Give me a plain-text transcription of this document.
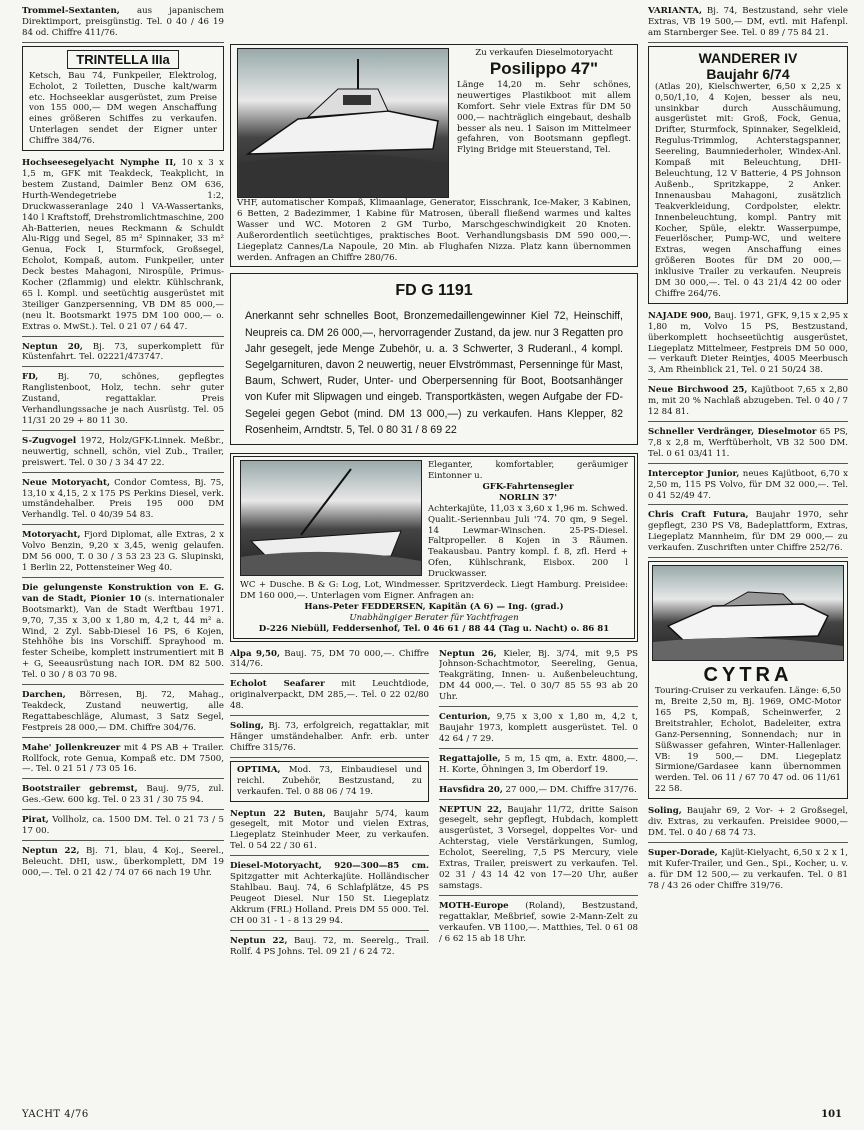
Trommel-Sextanten, aus japanischem Direktimport, preisgünstig. Tel. 0 40 / 46 19 84 od. Chiffre 411/76.
TRINTELLA IIIa
Ketsch, Bau 74, Funkpeiler, Elektrolog, Echolot, 2 Toiletten, Dusche kalt/warm etc. Hochseeklar ausgerüstet, zum Preise von 155 000,— DM wegen Anschaffung eines größeren Schiffes zu verkaufen. Unterlagen sendet der Eigner unter Chiffre 384/76.
Hochseesegelyacht Nymphe II, 10 x 3 x 1,5 m, GFK mit Teakdeck, Teakplicht, in bestem Zustand, Daimler Benz OM 636, Hurth-Wendegetriebe 1:2, Druckwasseranlage 240 l VA-Wassertanks, 140 l Kraftstoff, Drehstromlichtmaschine, 200 Ah-Batterien, neues Reckmann & Schuldt Alu-Rigg und Segel, 85 m² Spinnaker, 33 m² Genua, Fock I, Sturmfock, Großsegel, Echolot, Kompaß, autom. Funkpeiler, unter Deck bestes Mahagoni, Nirospüle, Primus-Kocher (2flammig) und elektr. Kühlschrank, 65 l. Kompl. und seetüchtig ausgerüstet mit 3teiliger Ganzpersenning, VB DM 85 000,— (neu lt. Bootsmarkt 1975 DM 100 000,— o. Extras o. MwSt.). Tel. 0 21 07 / 64 47.
Neptun 20, Bj. 73, superkomplett für Küstenfahrt. Tel. 02221/473747.
FD, Bj. 70, schönes, gepflegtes Ranglistenboot, Holz, techn. sehr guter Zustand, regattaklar. Preis Verhandlungssache je nach Ausrüstg. Tel. 05 11/31 20 29 + 80 11 30.
S-Zugvogel 1972, Holz/GFK-Linnek. Meßbr., neuwertig, schnell, schön, viel Zub., Trailer, preiswert. Tel. 0 30 / 3 34 47 22.
Neue Motoryacht, Condor Comtess, Bj. 75, 13,10 x 4,15, 2 x 175 PS Perkins Diesel, verk. umständehalber. Preis 195 000 DM Verhandlg. Tel. 0 40/39 54 83.
Motoryacht, Fjord Diplomat, alle Extras, 2 x Volvo Benzin, 9,20 x 3,45, wenig gelaufen. DM 56 000, T. 0 30 / 3 53 23 23 G. Slupinski, 1 Berlin 22, Pottensteiner Weg 40.
Die gelungenste Konstruktion von E. G. van de Stadt, Pionier 10 (s. internationaler Bootsmarkt), Van de Stadt Werftbau 1971. 9,70, 7,35 x 3,00 x 1,80 m, 4,2 t, 44 m² a. Wind, 2 Zyl. Sabb-Diesel 16 PS, 6 Kojen, Stehhöhe bis ins Vorschiff. Sprayhood m. fester Scheibe, komplett instrumentiert mit B + G, Seeausrüstung nach IOR. DM 82 500. Tel. 0 30 / 8 03 70 98.
Darchen, Börresen, Bj. 72, Mahag., Teakdeck, Zustand neuwertig, alle Regattabeschläge, Alumast, 3 Satz Segel, Festpreis 28 000,— DM. Chiffre 304/76.
Mahe' Jollenkreuzer mit 4 PS AB + Trailer. Rollfock, rote Genua, Kompaß etc. DM 7500,—. Tel. 0 21 51 / 73 05 16.
Bootstrailer gebremst, Bauj. 9/75, zul. Ges.-Gew. 600 kg. Tel. 0 23 31 / 30 75 94.
Pirat, Vollholz, ca. 1500 DM. Tel. 0 21 73 / 5 17 00.
Neptun 22, Bj. 71, blau, 4 Koj., Seerel., Beleucht. DHI, usw., überkomplett, DM 19 000,—. Tel. 0 21 42 / 74 07 66 nach 19 Uhr.
Zu verkaufen Dieselmotoryacht
Posilippo 47"
Länge 14,20 m. Sehr schönes, neuwertiges Plastikboot mit allem Komfort. Sehr viele Extras für DM 50 000,— nachträglich eingebaut, deshalb besser als neu. 1 Saison im Mittelmeer gefahren, von Bootsmann gepflegt. Flying Bridge mit Steuerstand, Tel.
VHF, automatischer Kompaß, Klimaanlage, Generator, Eisschrank, Ice-Maker, 3 Kabinen, 6 Betten, 2 Badezimmer, 1 Kabine für Matrosen, überall fließend warmes und kaltes Wasser und WC. Motoren 2 GM Turbo, Marschgeschwindigkeit 20 Knoten. Außerordentlich seetüchtiges, praktisches Boot. Verhandlungsbasis DM 590 000,—. Liegeplatz Cannes/La Napoule, 20 Min. ab Flughafen Nizza. Platz kann übernommen werden. Anfragen an Chiffre 280/76.
FD G 1191
Anerkannt sehr schnelles Boot, Bronzemedaillengewinner Kiel 72, Heinschiff, Neupreis ca. DM 26 000,—, hervorragender Zustand, da jew. nur 3 Regatten pro Jahr gesegelt, jede Menge Zubehör, u. a. 3 Schwerter, 3 Ruderanl., 4 kompl. Segelgarnituren, davon 2 neuwertig, neuer Elvströmmast, Persenninge für Mast, Baum, Schwert, Ruder, Unter- und Oberpersenning für Boot, Bootsanhänger von Kufer mit Slipwagen und eingeb. Transportkästen, wegen Aufgabe der FD-Segelei gegen Gebot (mind. DM 13 000,—) zu verkaufen. Hans Klepper, 82 Rosenheim, Arndtstr. 5, Tel. 0 80 31 / 8 69 22
Eleganter, komfortabler, geräumiger Eintonner u.
GFK-Fahrtensegler
NORLIN 37'
Achterkajüte, 11,03 x 3,60 x 1,96 m. Schwed. Qualit.-Seriennbau Juli '74. 70 qm, 9 Segel. 14 Lewmar-Winschen. 25-PS-Diesel. Faltpropeller. 8 Kojen in 3 Räumen. Teakausbau. Pantry kompl. f. 8, zfl. Herd + Ofen, Kühlschrank, Eisbox. 200 l Druckwasser.
WC + Dusche. B & G: Log, Lot, Windmesser. Spritzverdeck. Liegt Hamburg. Preisidee: DM 160 000,—. Unterlagen vom Eigner. Anfragen an:
Hans-Peter FEDDERSEN, Kapitän (A 6) — Ing. (grad.)
Unabhängiger Berater für Yachtfragen
D-226 Niebüll, Feddersenhof, Tel. 0 46 61 / 88 44 (Tag u. Nacht) o. 86 81
Alpa 9,50, Bauj. 75, DM 70 000,—. Chiffre 314/76.
Echolot Seafarer mit Leuchtdiode, originalverpackt, DM 285,—. Tel. 0 22 02/80 48.
Soling, Bj. 73, erfolgreich, regattaklar, mit Hänger umständehalber. Anfr. erb. unter Chiffre 315/76.
OPTIMA, Mod. 73, Einbaudiesel und reichl. Zubehör, Bestzustand, zu verkaufen. Tel. 0 88 06 / 74 19.
Neptun 22 Buten, Baujahr 5/74, kaum gesegelt, mit Motor und vielen Extras, Liegeplatz Steinhuder Meer, zu verkaufen. Tel. 0 54 22 / 30 61.
Diesel-Motoryacht, 920—300—85 cm. Spitzgatter mit Achterkajüte. Holländischer Stahlbau. Bauj. 74, 6 Schlafplätze, 45 PS Peugeot Diesel. Nur 150 St. Liegeplatz Akkrum (FRL) Holland. Preis DM 55 000. Tel. CH 00 31 - 1 - 8 13 29 94.
Neptun 22, Bauj. 72, m. Seerelg., Trail. Rollf. 4 PS Johns. Tel. 09 21 / 6 24 72.
Neptun 26, Kieler, Bj. 3/74, mit 9,5 PS Johnson-Schachtmotor, Seereling, Genua, Teakgräting, Innen- u. Außenbeleuchtung, DM 44 000,—. Tel. 0 30/7 85 55 93 ab 20 Uhr.
Centurion, 9,75 x 3,00 x 1,80 m, 4,2 t, Baujahr 1973, komplett ausgerüstet. Tel. 0 42 64 / 7 29.
Regattajolle, 5 m, 15 qm, a. Extr. 4800,—. H. Korte, Öhningen 3, Im Oberdorf 19.
Havsfidra 20, 27 000,— DM. Chiffre 317/76.
NEPTUN 22, Baujahr 11/72, dritte Saison gesegelt, sehr gepflegt, Hubdach, komplett ausgerüstet, 3 Vorsegel, doppeltes Vor- und Achterstag, viele Verstärkungen, Sumlog, Echolot, Seereling, 7,5 PS Mercury, viele Extras, Trailer, preiswert zu verkaufen. Tel. 02 31 / 43 14 42 von 17—20 Uhr, außer samstags.
MOTH-Europe (Roland), Bestzustand, regattaklar, Meßbrief, sowie 2-Mann-Zelt zu verkaufen. VB 1100,—. Matthies, Tel. 0 61 08 / 6 62 15 ab 18 Uhr.
VARIANTA, Bj. 74, Bestzustand, sehr viele Extras, VB 19 500,— DM, evtl. mit Hafenpl. am Starnberger See. Tel. 0 89 / 75 84 21.
WANDERER IV
Baujahr 6/74
(Atlas 20), Kielschwerter, 6,50 x 2,25 x 0,50/1,10, 4 Kojen, besser als neu, unsinkbar durch Ausschäumung, ausgerüstet mit: Groß, Fock, Genua, Drifter, Sturmfock, Spinnaker, Segelkleid, Regulus-Trimmlog, Achterstagspanner, Seereling, Baumniederholer, Windex-Anl. Kompaß mit Beleuchtung, DHI-Beleuchtung, 12 V Batterie, 4 PS Johnson Außenb., Spritzkappe, 2 Anker. Innenausbau Mahagoni, zusätzlich Teakverkleidung, Cordpolster, elektr. Innenbeleuchtung, kompl. Pantry mit Kocher, Spüle, elektr. Wasserpumpe, Feuerlöscher, Pump-WC, und weitere Extras, wegen Anschaffung eines größeren Bootes für DM 20 000,— inklusive Trailer zu verkaufen. Neupreis DM 30 000,—. Tel. 0 43 21/4 42 00 oder Chiffre 264/76.
NAJADE 900, Bauj. 1971, GFK, 9,15 x 2,95 x 1,80 m, Volvo 15 PS, Bestzustand, überkomplett hochseetüchtig ausgerüstet, Liegeplatz Mittelmeer, Festpreis DM 50 000,— verkauft Dieter Reintjes, 4005 Meerbusch 3, Am Rheinblick 21, Tel. 0 21 50/24 38.
Neue Birchwood 25, Kajütboot 7,65 x 2,80 m, mit 20 % Nachlaß abzugeben. Tel. 0 40 / 7 12 84 81.
Schneller Verdränger, Dieselmotor 65 PS, 7,8 x 2,8 m, Werftüberholt, VB 32 500 DM. Tel. 0 61 03/41 11.
Interceptor Junior, neues Kajütboot, 6,70 x 2,50 m, 115 PS Volvo, für DM 32 000,—. Tel. 0 41 52/49 47.
Chris Craft Futura, Baujahr 1970, sehr gepflegt, 230 PS V8, Badeplattform, Extras, Liegeplatz Mannheim, für DM 29 000,— zu verkaufen. Zuschriften unter Chiffre 252/76.
CYTRA
Touring-Cruiser zu verkaufen. Länge: 6,50 m, Breite 2,50 m, Bj. 1969, OMC-Motor 165 PS, Kompaß, Scheinwerfer, 2 Breitstrahler, Echolot, Badeleiter, extra Ganz-Persenning, Sonnendach; nur in Süßwasser gefahren, Winter-Hallenlager. VB: 19 500,— DM. Liegeplatz Sirmione/Gardasee kann übernommen werden. Tel. 06 11 / 67 70 47 od. 06 11/61 22 58.
Soling, Baujahr 69, 2 Vor- + 2 Großsegel, div. Extras, zu verkaufen. Preisidee 9000,— DM. Tel. 0 40 / 68 74 73.
Super-Dorade, Kajüt-Kielyacht, 6,50 x 2 x 1, mit Kufer-Trailer, und Gen., Spi., Kocher, u. v. a. für DM 12 500,— zu verkaufen. Tel. 0 81 78 / 43 26 oder Chiffre 319/76.
YACHT 4/76	101
